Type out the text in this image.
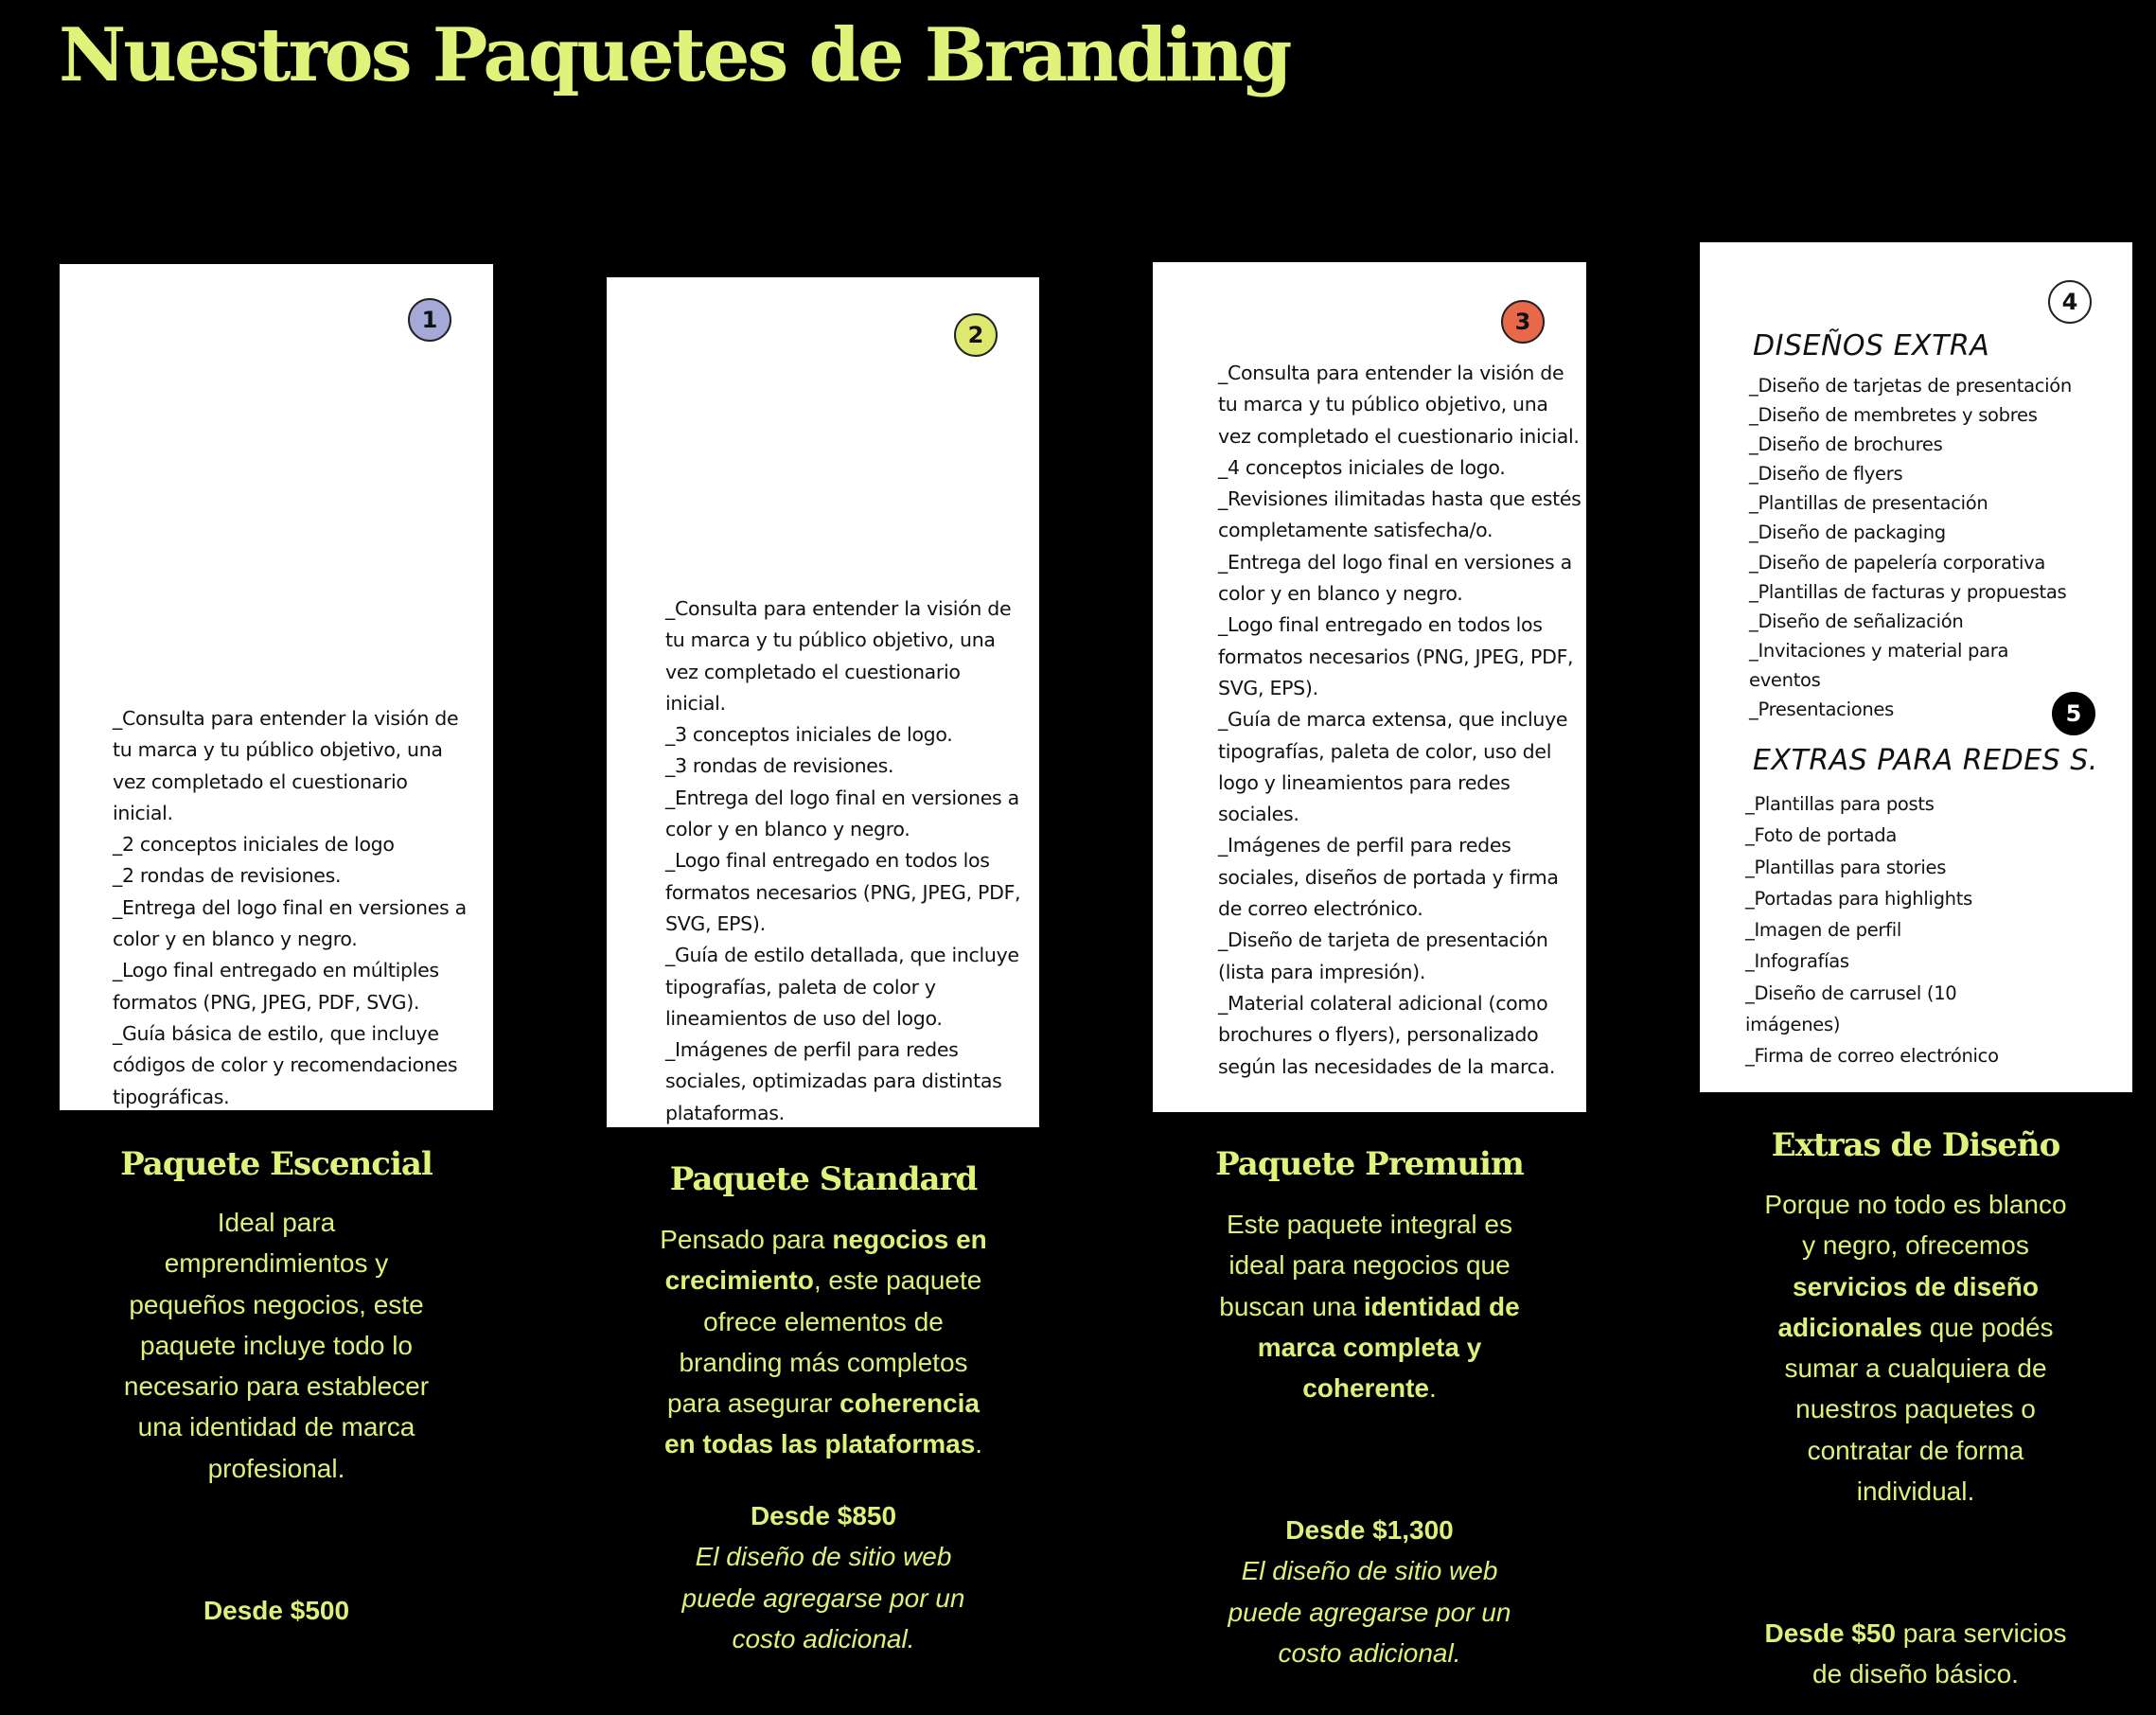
Nuestros Paquetes de Branding
1
_Consulta para entender la visión de
tu marca y tu público objetivo, una
vez completado el cuestionario inicial.
_2 conceptos iniciales de logo
_2 rondas de revisiones.
_Entrega del logo final en versiones a
color y en blanco y negro.
_Logo final entregado en múltiples
formatos (PNG, JPEG, PDF, SVG).
_Guía básica de estilo, que incluye
códigos de color y recomendaciones
tipográficas.
2
_Consulta para entender la visión de
tu marca y tu público objetivo, una
vez completado el cuestionario inicial.
_3 conceptos iniciales de logo.
_3 rondas de revisiones.
_Entrega del logo final en versiones a
color y en blanco y negro.
_Logo final entregado en todos los
formatos necesarios (PNG, JPEG, PDF,
SVG, EPS).
_Guía de estilo detallada, que incluye
tipografías, paleta de color y
lineamientos de uso del logo.
_Imágenes de perfil para redes
sociales, optimizadas para distintas
plataformas.
3
_Consulta para entender la visión de
tu marca y tu público objetivo, una
vez completado el cuestionario inicial.
_4 conceptos iniciales de logo.
_Revisiones ilimitadas hasta que estés
completamente satisfecha/o.
_Entrega del logo final en versiones a
color y en blanco y negro.
_Logo final entregado en todos los
formatos necesarios (PNG, JPEG, PDF,
SVG, EPS).
_Guía de marca extensa, que incluye
tipografías, paleta de color, uso del
logo y lineamientos para redes
sociales.
_Imágenes de perfil para redes
sociales, diseños de portada y firma
de correo electrónico.
_Diseño de tarjeta de presentación
(lista para impresión).
_Material colateral adicional (como
brochures o flyers), personalizado
según las necesidades de la marca.
4
DISEÑOS EXTRA
_Diseño de tarjetas de presentación
_Diseño de membretes y sobres
_Diseño de brochures
_Diseño de flyers
_Plantillas de presentación
_Diseño de packaging
_Diseño de papelería corporativa
_Plantillas de facturas y propuestas
_Diseño de señalización
_Invitaciones y material para
eventos
_Presentaciones	5
EXTRAS PARA REDES S.
_Plantillas para posts
_Foto de portada
_Plantillas para stories
_Portadas para highlights
_Imagen de perfil
_Infografías
_Diseño de carrusel (10
imágenes)
_Firma de correo electrónico
Paquete Escencial

Ideal para
emprendimientos y
pequeños negocios, este
paquete incluye todo lo
necesario para establecer
una identidad de marca
profesional.

Desde $500

Paquete Standard

Pensado para negocios en
crecimiento, este paquete
ofrece elementos de
branding más completos
para asegurar coherencia
en todas las plataformas.

Desde $850
El diseño de sitio web
puede agregarse por un
costo adicional.

Paquete Premuim

Este paquete integral es
ideal para negocios que
buscan una identidad de
marca completa y
coherente.

Desde $1,300
El diseño de sitio web
puede agregarse por un
costo adicional.

Extras de Diseño

Porque no todo es blanco
y negro, ofrecemos
servicios de diseño
adicionales que podés
sumar a cualquiera de
nuestros paquetes o
contratar de forma
individual.

Desde $50 para servicios
de diseño básico.
